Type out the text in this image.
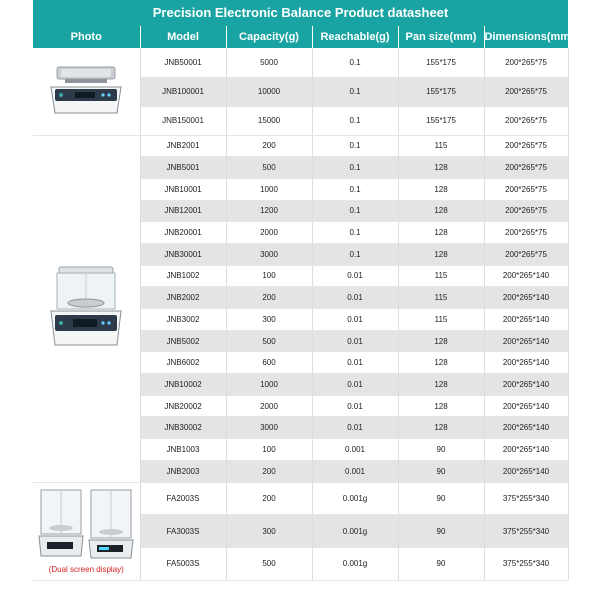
Precision Electronic Balance Product datasheet
Photo	Model	Capacity(g)	Reachable(g)	Pan size(mm)	Dimensions(mm)

	JNB50001	5000	0.1	155*175	200*265*75
	JNB100001	10000	0.1	155*175	200*265*75
	JNB150001	15000	0.1	155*175	200*265*75

	JNB2001	200	0.1	115	200*265*75
	JNB5001	500	0.1	128	200*265*75
	JNB10001	1000	0.1	128	200*265*75
	JNB12001	1200	0.1	128	200*265*75
	JNB20001	2000	0.1	128	200*265*75
	JNB30001	3000	0.1	128	200*265*75
	JNB1002	100	0.01	115	200*265*140
	JNB2002	200	0.01	115	200*265*140
	JNB3002	300	0.01	115	200*265*140
	JNB5002	500	0.01	128	200*265*140
	JNB6002	600	0.01	128	200*265*140
	JNB10002	1000	0.01	128	200*265*140
	JNB20002	2000	0.01	128	200*265*140
	JNB30002	3000	0.01	128	200*265*140
	JNB1003	100	0.001	90	200*265*140
	JNB2003	200	0.001	90	200*265*140

(Dual screen display)	FA2003S	200	0.001g	90	375*255*340
	FA3003S	300	0.001g	90	375*255*340
	FA5003S	500	0.001g	90	375*255*340
